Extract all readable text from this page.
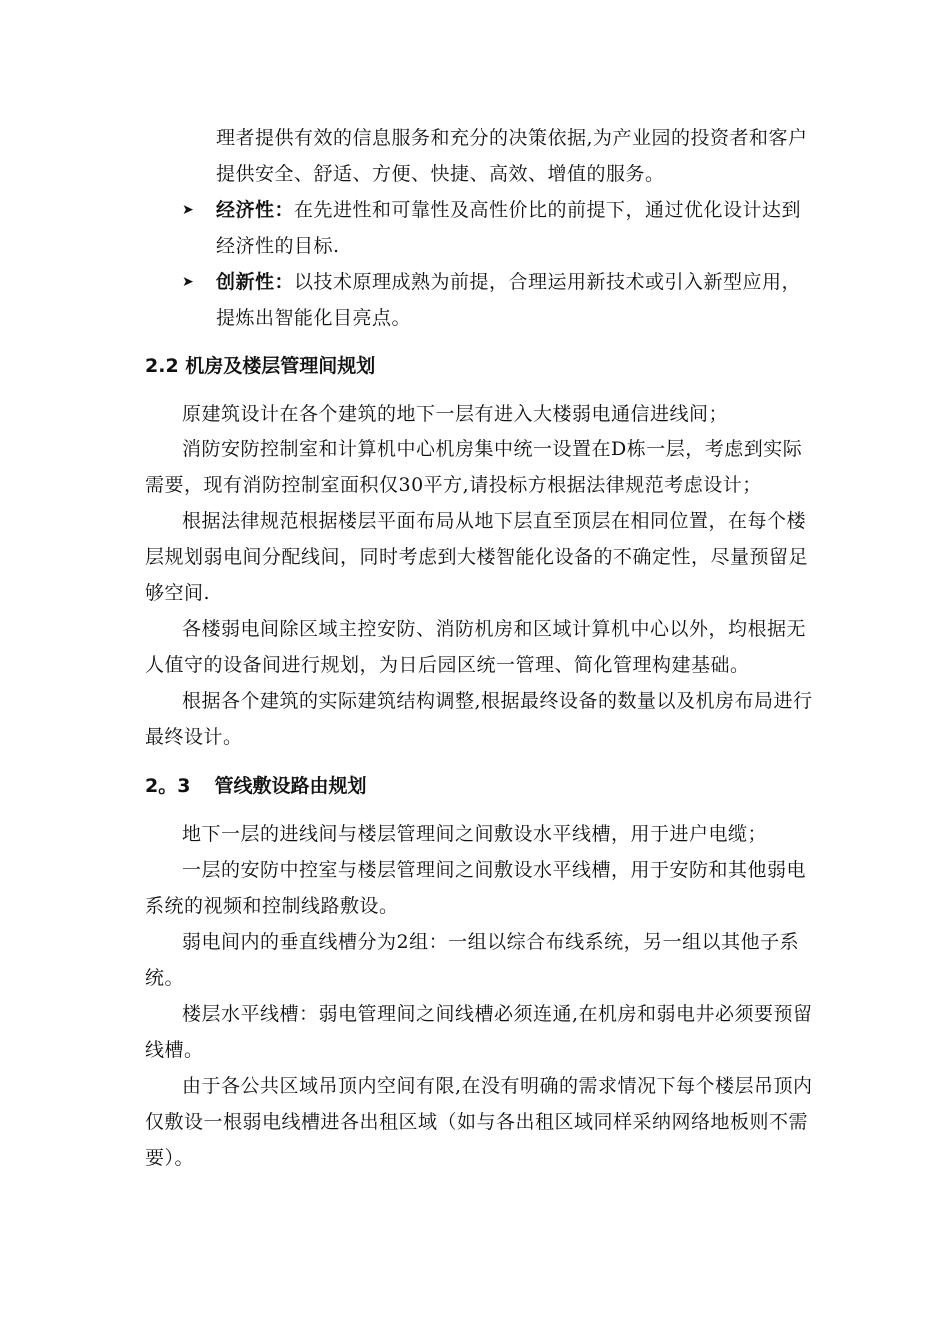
理者提供有效的信息服务和充分的决策依据,为产业园的投资者和客户
提供安全、舒适、方便、快捷、高效、增值的服务。
➤ 经济性：在先进性和可靠性及高性价比的前提下，通过优化设计达到
经济性的目标.
➤ 创新性：以技术原理成熟为前提，合理运用新技术或引入新型应用，
提炼出智能化目亮点。
2.2 机房及楼层管理间规划
原建筑设计在各个建筑的地下一层有进入大楼弱电通信进线间；
消防安防控制室和计算机中心机房集中统一设置在D栋一层，考虑到实际
需要，现有消防控制室面积仅30平方,请投标方根据法律规范考虑设计；
根据法律规范根据楼层平面布局从地下层直至顶层在相同位置，在每个楼
层规划弱电间分配线间，同时考虑到大楼智能化设备的不确定性，尽量预留足
够空间.
各楼弱电间除区域主控安防、消防机房和区域计算机中心以外，均根据无
人值守的设备间进行规划，为日后园区统一管理、简化管理构建基础。
根据各个建筑的实际建筑结构调整,根据最终设备的数量以及机房布局进行
最终设计。
2。3 管线敷设路由规划
地下一层的进线间与楼层管理间之间敷设水平线槽，用于进户电缆；
一层的安防中控室与楼层管理间之间敷设水平线槽，用于安防和其他弱电
系统的视频和控制线路敷设。
弱电间内的垂直线槽分为2组：一组以综合布线系统，另一组以其他子系
统。
楼层水平线槽：弱电管理间之间线槽必须连通,在机房和弱电井必须要预留
线槽。
由于各公共区域吊顶内空间有限,在没有明确的需求情况下每个楼层吊顶内
仅敷设一根弱电线槽进各出租区域（如与各出租区域同样采纳网络地板则不需
要）。
